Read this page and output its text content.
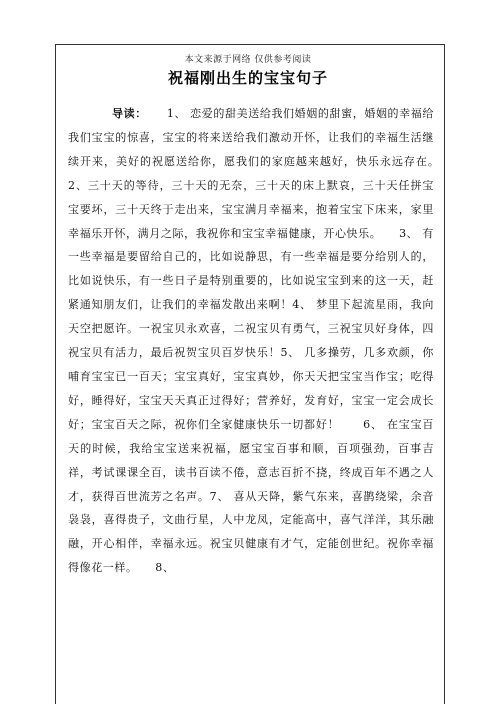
本文来源于网络 仅供参考阅读
祝福刚出生的宝宝句子

导读： 1、 恋爱的甜美送给我们婚姻的甜蜜，婚姻的幸福给我们宝宝的惊喜，宝宝的将来送给我们激动开怀，让我们的幸福生活继续开来，美好的祝愿送给你，愿我们的家庭越来越好，快乐永远存在。　　2、三十天的等待，三十天的无奈，三十天的床上默哀，三十天任拼宝宝要坏，三十天终于走出来，宝宝满月幸福来，抱着宝宝下床来，家里幸福乐开怀，满月之际，我祝你和宝宝幸福健康，开心快乐。　　3、 有一些幸福是要留给自己的，比如说静思，有一些幸福是要分给别人的，比如说快乐，有一些日子是特别重要的，比如说宝宝到来的这一天，赶紧通知朋友们，让我们的幸福发散出来啊！4、 梦里下起流星雨，我向天空把愿许。一祝宝贝永欢喜，二祝宝贝有勇气，三祝宝贝好身体，四祝宝贝有活力，最后祝贺宝贝百岁快乐！5、 几多操劳，几多欢颜，你哺育宝宝已一百天；宝宝真好，宝宝真妙，你天天把宝宝当作宝；吃得好，睡得好，宝宝天天真正过得好；营养好，发育好，宝宝一定会成长好；宝宝百天之际，祝你们全家健康快乐一切都好！　　6、 在宝宝百天的时候，我给宝宝送来祝福，愿宝宝百事和顺，百项强劲，百事吉祥，考试课课全百，读书百读不倦，意志百折不挠，终成百年不遇之人才，获得百世流芳之名声。7、 喜从天降，紫气东来，喜鹊绕梁，余音袅袅，喜得贵子，文曲行星，人中龙凤，定能高中，喜气洋洋，其乐融融，开心相伴，幸福永远。祝宝贝健康有才气，定能创世纪。祝你幸福得像花一样。　　8、
